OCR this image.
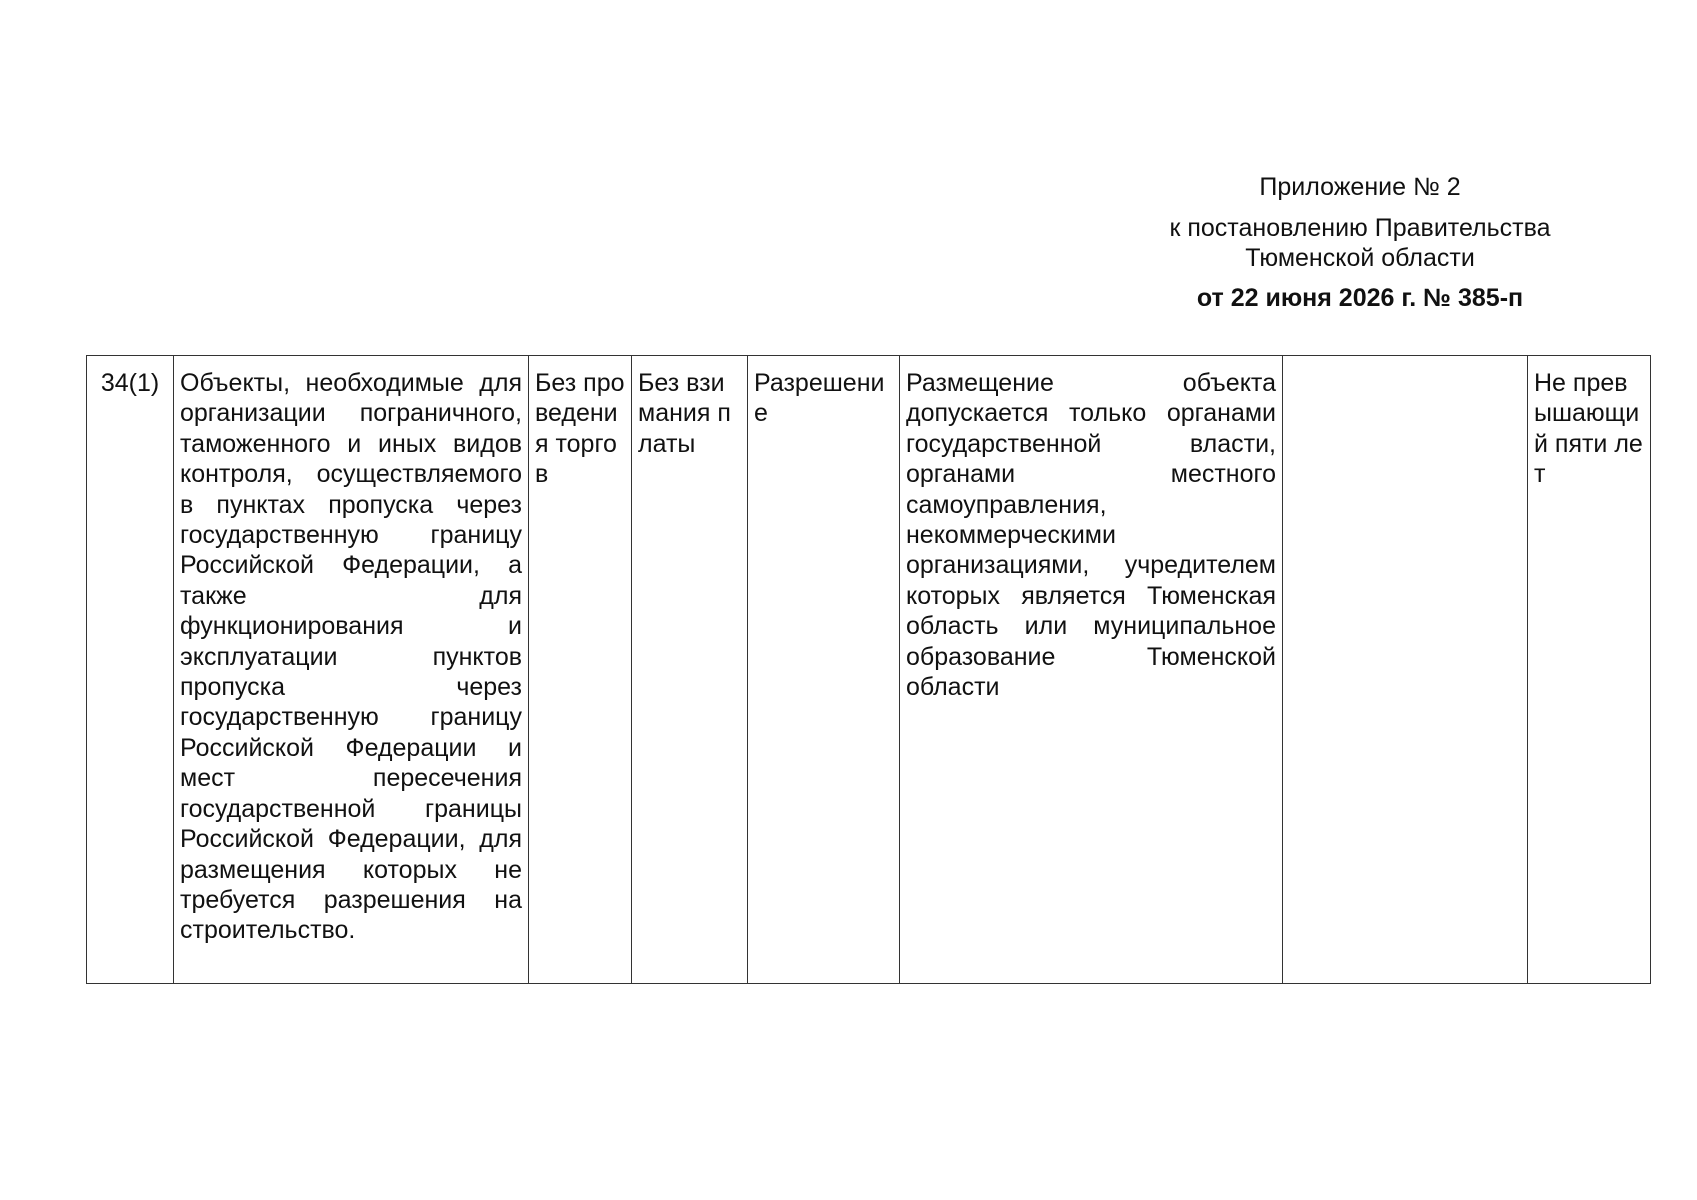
Приложение № 2
к постановлению Правительства
Тюменской области
от 22 июня 2026 г. № 385-п
34(1)	Объекты, необходимые для организации пограничного, таможенного и иных видов контроля, осуществляемого в пунктах пропуска через государственную границу Российской Федерации, а также для функционирования и эксплуатации пунктов пропуска через государственную границу Российской Федерации и мест пересечения государственной границы Российской Федерации, для размещения которых не требуется разрешения на строительство.	Без проведения торгов	Без взимания платы	Разрешение	Размещение объекта допускается только органами государственной власти, органами местного самоуправления, некоммерческими организациями, учредителем которых является Тюменская область или муниципальное образование Тюменской области		Не превышающий пяти лет
